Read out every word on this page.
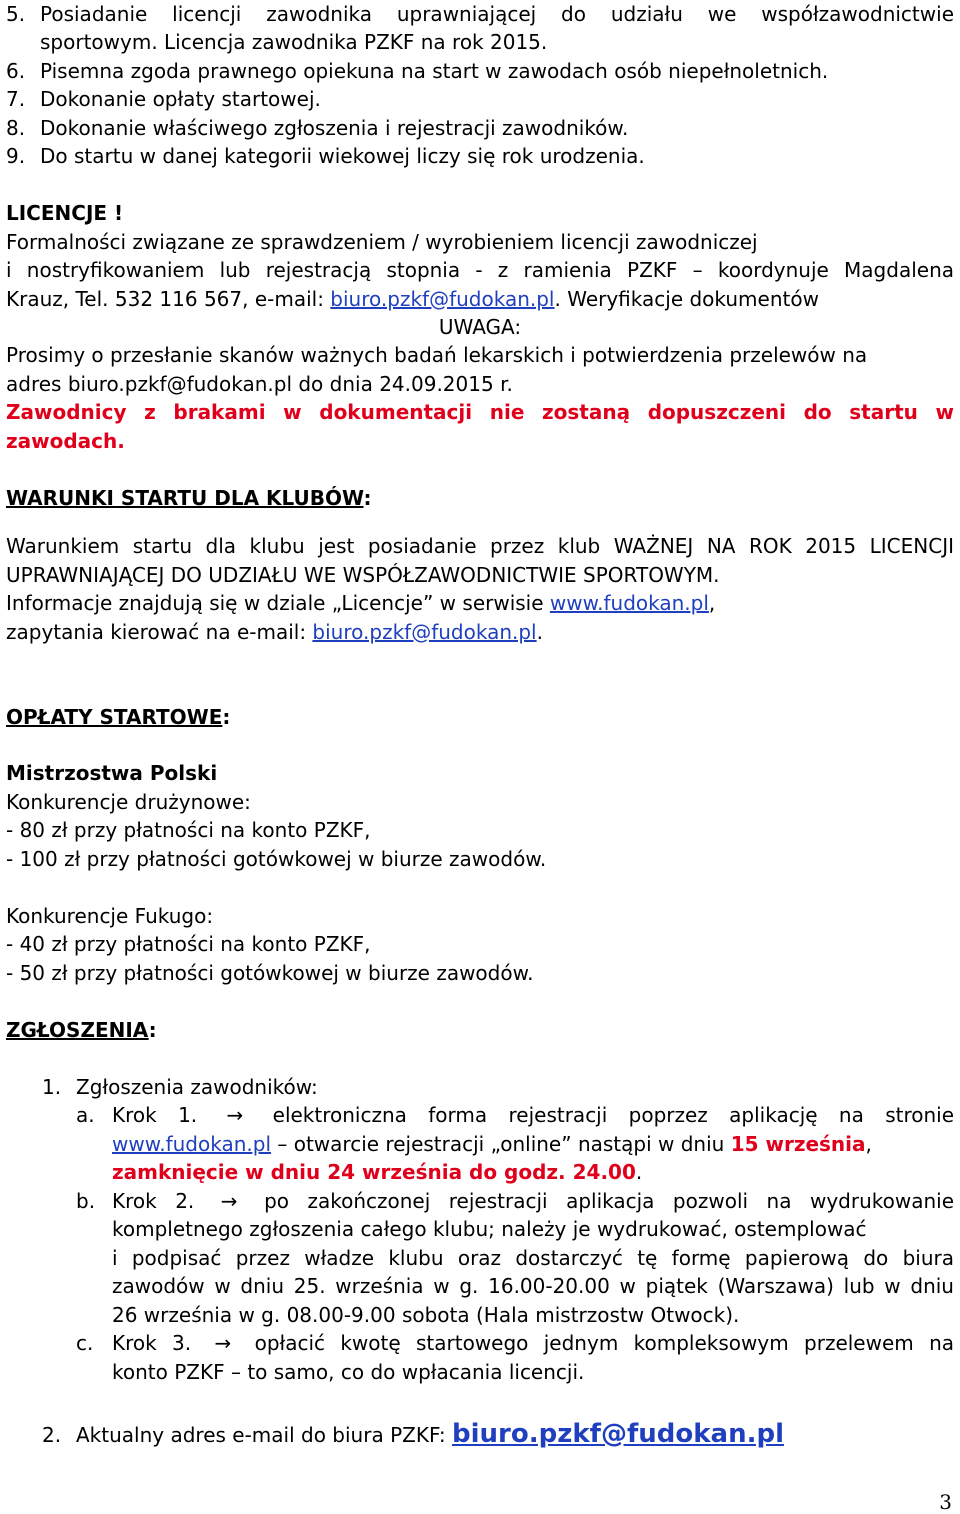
5. Posiadanie licencji zawodnika uprawniającej do udziału we współzawodnictwie
sportowym. Licencja zawodnika PZKF na rok 2015.
6. Pisemna zgoda prawnego opiekuna na start w zawodach osób niepełnoletnich.
7. Dokonanie opłaty startowej.
8. Dokonanie właściwego zgłoszenia i rejestracji zawodników.
9. Do startu w danej kategorii wiekowej liczy się rok urodzenia.
LICENCJE !
Formalności związane ze sprawdzeniem / wyrobieniem licencji zawodniczej
i nostryfikowaniem lub rejestracją stopnia - z ramienia PZKF – koordynuje Magdalena
Krauz, Tel. 532 116 567, e-mail: biuro.pzkf@fudokan.pl. Weryfikacje dokumentów
UWAGA:
Prosimy o przesłanie skanów ważnych badań lekarskich i potwierdzenia przelewów na
adres biuro.pzkf@fudokan.pl do dnia 24.09.2015 r.
Zawodnicy z brakami w dokumentacji nie zostaną dopuszczeni do startu w
zawodach.
WARUNKI STARTU DLA KLUBÓW:
Warunkiem startu dla klubu jest posiadanie przez klub WAŻNEJ NA ROK 2015 LICENCJI
UPRAWNIAJĄCEJ DO UDZIAŁU WE WSPÓŁZAWODNICTWIE SPORTOWYM.
Informacje znajdują się w dziale „Licencje” w serwisie www.fudokan.pl,
zapytania kierować na e-mail: biuro.pzkf@fudokan.pl.
OPŁATY STARTOWE:
Mistrzostwa Polski
Konkurencje drużynowe:
- 80 zł przy płatności na konto PZKF,
- 100 zł przy płatności gotówkowej w biurze zawodów.
Konkurencje Fukugo:
- 40 zł przy płatności na konto PZKF,
- 50 zł przy płatności gotówkowej w biurze zawodów.
ZGŁOSZENIA:
1. Zgłoszenia zawodników:
a. Krok 1. → elektroniczna forma rejestracji poprzez aplikację na stronie
www.fudokan.pl – otwarcie rejestracji „online” nastąpi w dniu 15 września,
zamknięcie w dniu 24 września do godz. 24.00.
b. Krok 2. → po zakończonej rejestracji aplikacja pozwoli na wydrukowanie
kompletnego zgłoszenia całego klubu; należy je wydrukować, ostemplować
i podpisać przez władze klubu oraz dostarczyć tę formę papierową do biura
zawodów w dniu 25. września w g. 16.00-20.00 w piątek (Warszawa) lub w dniu
26 września w g. 08.00-9.00 sobota (Hala mistrzostw Otwock).
c. Krok 3. → opłacić kwotę startowego jednym kompleksowym przelewem na
konto PZKF – to samo, co do wpłacania licencji.
2. Aktualny adres e-mail do biura PZKF: biuro.pzkf@fudokan.pl
3
